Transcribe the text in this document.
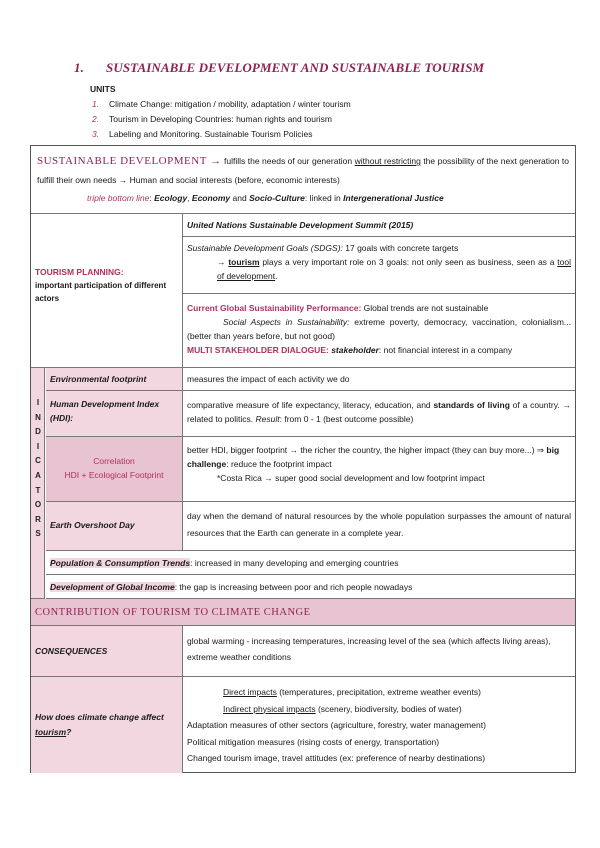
1. SUSTAINABLE DEVELOPMENT AND SUSTAINABLE TOURISM
UNITS
1. Climate Change: mitigation / mobility, adaptation / winter tourism
2. Tourism in Developing Countries: human rights and tourism
3. Labeling and Monitoring. Sustainable Tourism Policies
SUSTAINABLE DEVELOPMENT → fulfills the needs of our generation without restricting the possibility of the next generation to fulfill their own needs → Human and social interests (before, economic interests)
triple bottom line: Ecology, Economy and Socio-Culture: linked in Intergenerational Justice
TOURISM PLANNING:
important participation of different actors
United Nations Sustainable Development Summit (2015)
Sustainable Development Goals (SDGS): 17 goals with concrete targets
→ tourism plays a very important role on 3 goals: not only seen as business, seen as a tool of development.
Current Global Sustainability Performance: Global trends are not sustainable
Social Aspects in Sustainability: extreme poverty, democracy, vaccination, colonialism... (better than years before, but not good)
MULTI STAKEHOLDER DIALOGUE: stakeholder: not financial interest in a company
I
N
D
I
C
A
T
O
R
S
Environmental footprint	measures the impact of each activity we do
Human Development Index (HDI):
comparative measure of life expectancy, literacy, education, and standards of living of a country. → related to politics. Result: from 0 - 1 (best outcome possible)
Correlation
HDI + Ecological Footprint
better HDI, bigger footprint → the richer the country, the higher impact (they can buy more...) ⇒ big challenge: reduce the footprint impact
*Costa Rica → super good social development and low footprint impact
Earth Overshoot Day
day when the demand of natural resources by the whole population surpasses the amount of natural resources that the Earth can generate in a complete year.
Population & Consumption Trends: increased in many developing and emerging countries
Development of Global Income: the gap is increasing between poor and rich people nowadays
CONTRIBUTION OF TOURISM TO CLIMATE CHANGE
CONSEQUENCES
global warming - increasing temperatures, increasing level of the sea (which affects living areas), extreme weather conditions
How does climate change affect tourism?
Direct impacts (temperatures, precipitation, extreme weather events)
Indirect physical impacts (scenery, biodiversity, bodies of water)
Adaptation measures of other sectors (agriculture, forestry, water management)
Political mitigation measures (rising costs of energy, transportation)
Changed tourism image, travel attitudes (ex: preference of nearby destinations)
